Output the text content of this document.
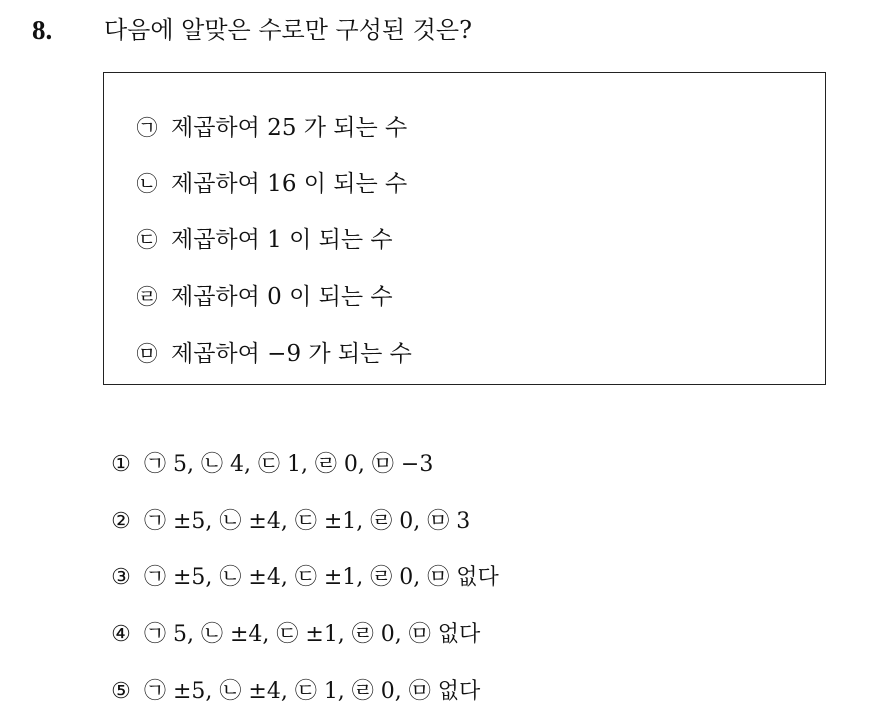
8. 다음에 알맞은 수로만 구성된 것은?
㉠ 제곱하여 25 가 되는 수
㉡ 제곱하여 16 이 되는 수
㉢ 제곱하여 1 이 되는 수
㉣ 제곱하여 0 이 되는 수
㉤ 제곱하여 −9 가 되는 수
① ㉠ 5, ㉡ 4, ㉢ 1, ㉣ 0, ㉤ −3
② ㉠ ±5, ㉡ ±4, ㉢ ±1, ㉣ 0, ㉤ 3
③ ㉠ ±5, ㉡ ±4, ㉢ ±1, ㉣ 0, ㉤ 없다
④ ㉠ 5, ㉡ ±4, ㉢ ±1, ㉣ 0, ㉤ 없다
⑤ ㉠ ±5, ㉡ ±4, ㉢ 1, ㉣ 0, ㉤ 없다
